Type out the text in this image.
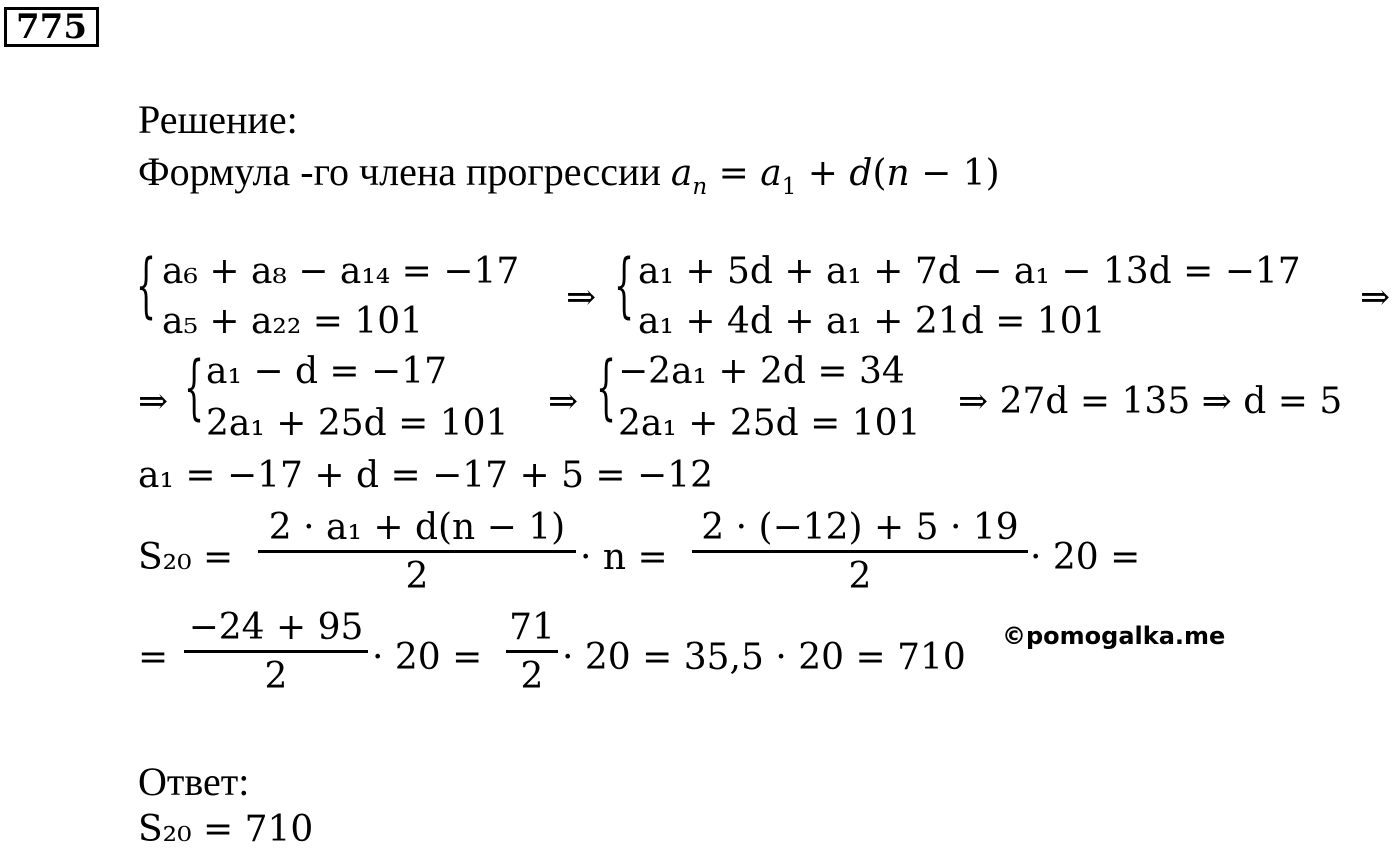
775
Решение:
Формула -го члена прогрессии $a_n = a_1 + d(n - 1)$
{ a₆ + a₈ − a₁₄ = −17
a₅ + a₂₂ = 101
⇒ { a₁ + 5d + a₁ + 7d − a₁ − 13d = −17
a₁ + 4d + a₁ + 21d = 101
⇒
⇒ { a₁ − d = −17
2a₁ + 25d = 101
⇒ { −2a₁ + 2d = 34
2a₁ + 25d = 101
⇒ 27d = 135 ⇒ d = 5
a₁ = −17 + d = −17 + 5 = −12
S₂₀ =
2 · a₁ + d(n − 1)
2	· n =
2 · (−12) + 5 · 19
2	· 20 =
=
−24 + 95
2	· 20 =
71
2 · 20 = 35,5 · 20 = 710
©pomogalka.me
Ответ:
S₂₀ = 710
